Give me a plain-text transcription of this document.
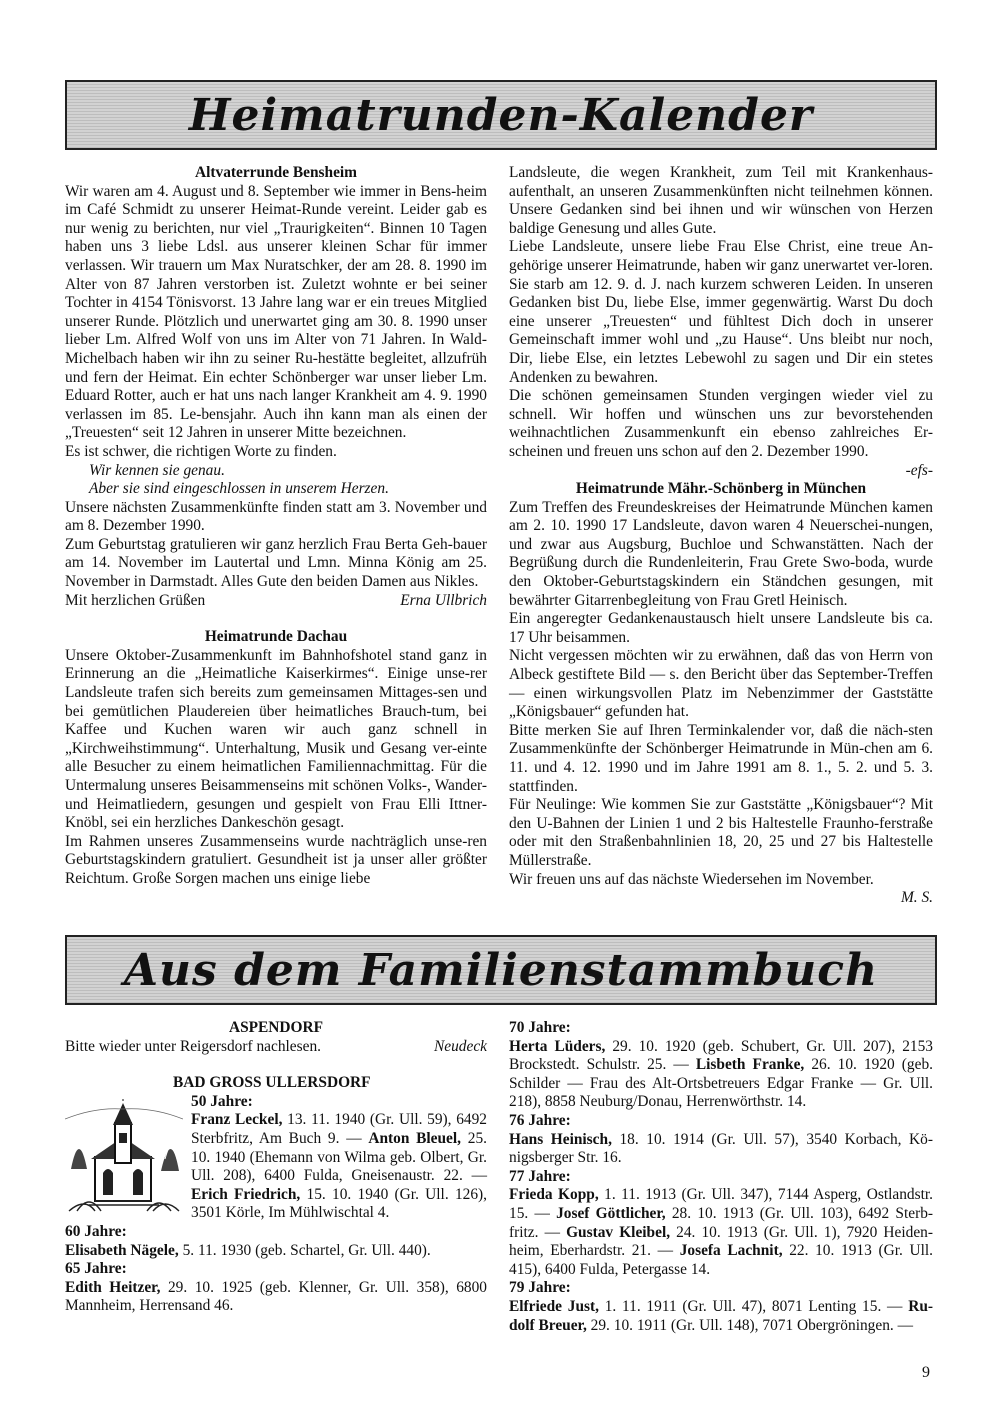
Heimatrunden-Kalender
Altvaterrunde Bensheim

Wir waren am 4. August und 8. September wie immer in Bens-heim im Café Schmidt zu unserer Heimat-Runde vereint. Leider gab es nur wenig zu berichten, nur viel „Traurigkeiten“. Binnen 10 Tagen haben uns 3 liebe Ldsl. aus unserer kleinen Schar für immer verlassen. Wir trauern um Max Nuratschker, der am 28. 8. 1990 im Alter von 87 Jahren verstorben ist. Zuletzt wohnte er bei seiner Tochter in 4154 Tönisvorst. 13 Jahre lang war er ein treues Mitglied unserer Runde. Plötzlich und unerwartet ging am 30. 8. 1990 unser lieber Lm. Alfred Wolf von uns im Alter von 71 Jahren. In Wald-Michelbach haben wir ihn zu seiner Ru-hestätte begleitet, allzufrüh und fern der Heimat. Ein echter Schönberger war unser lieber Lm. Eduard Rotter, auch er hat uns nach langer Krankheit am 4. 9. 1990 verlassen im 85. Le-bensjahr. Auch ihn kann man als einen der „Treuesten“ seit 12 Jahren in unserer Mitte bezeichnen.

Es ist schwer, die richtigen Worte zu finden.

Wir kennen sie genau.

Aber sie sind eingeschlossen in unserem Herzen.

Unsere nächsten Zusammenkünfte finden statt am 3. November und am 8. Dezember 1990.

Zum Geburtstag gratulieren wir ganz herzlich Frau Berta Geh-bauer am 14. November im Lautertal und Lmn. Minna König am 25. November in Darmstadt. Alles Gute den beiden Damen aus Nikles.

Mit herzlichen Grüßen	Erna Ullbrich
Heimatrunde Dachau

Unsere Oktober-Zusammenkunft im Bahnhofshotel stand ganz in Erinnerung an die „Heimatliche Kaiserkirmes“. Einige unse-rer Landsleute trafen sich bereits zum gemeinsamen Mittages-sen und bei gemütlichen Plaudereien über heimatliches Brauch-tum, bei Kaffee und Kuchen waren wir auch ganz schnell in „Kirchweihstimmung“. Unterhaltung, Musik und Gesang ver-einte alle Besucher zu einem heimatlichen Familiennachmittag. Für die Untermalung unseres Beisammenseins mit schönen Volks-, Wander- und Heimatliedern, gesungen und gespielt von Frau Elli Ittner-Knöbl, sei ein herzliches Dankeschön gesagt.

Im Rahmen unseres Zusammenseins wurde nachträglich unse-ren Geburtstagskindern gratuliert. Gesundheit ist ja unser aller größter Reichtum. Große Sorgen machen uns einige liebe

Landsleute, die wegen Krankheit, zum Teil mit Krankenhaus-aufenthalt, an unseren Zusammenkünften nicht teilnehmen können. Unsere Gedanken sind bei ihnen und wir wünschen von Herzen baldige Genesung und alles Gute.

Liebe Landsleute, unsere liebe Frau Else Christ, eine treue An-gehörige unserer Heimatrunde, haben wir ganz unerwartet ver-loren. Sie starb am 12. 9. d. J. nach kurzem schweren Leiden. In unseren Gedanken bist Du, liebe Else, immer gegenwärtig. Warst Du doch eine unserer „Treuesten“ und fühltest Dich doch in unserer Gemeinschaft immer wohl und „zu Hause“. Uns bleibt nur noch, Dir, liebe Else, ein letztes Lebewohl zu sagen und Dir ein stetes Andenken zu bewahren.

Die schönen gemeinsamen Stunden vergingen wieder viel zu schnell. Wir hoffen und wünschen uns zur bevorstehenden weihnachtlichen Zusammenkunft ein ebenso zahlreiches Er-scheinen und freuen uns schon auf den 2. Dezember 1990.

-efs-

Heimatrunde Mähr.-Schönberg in München

Zum Treffen des Freundeskreises der Heimatrunde München kamen am 2. 10. 1990 17 Landsleute, davon waren 4 Neuerschei-nungen, und zwar aus Augsburg, Buchloe und Schwanstätten. Nach der Begrüßung durch die Rundenleiterin, Frau Grete Swo-boda, wurde den Oktober-Geburtstagskindern ein Ständchen gesungen, mit bewährter Gitarrenbegleitung von Frau Gretl Heinisch.

Ein angeregter Gedankenaustausch hielt unsere Landsleute bis ca. 17 Uhr beisammen.

Nicht vergessen möchten wir zu erwähnen, daß das von Herrn von Albeck gestiftete Bild — s. den Bericht über das September-Treffen — einen wirkungsvollen Platz im Nebenzimmer der Gaststätte „Königsbauer“ gefunden hat.

Bitte merken Sie auf Ihren Terminkalender vor, daß die näch-sten Zusammenkünfte der Schönberger Heimatrunde in Mün-chen am 6. 11. und 4. 12. 1990 und im Jahre 1991 am 8. 1., 5. 2. und 5. 3. stattfinden.

Für Neulinge: Wie kommen Sie zur Gaststätte „Königsbauer“? Mit den U-Bahnen der Linien 1 und 2 bis Haltestelle Fraunho-ferstraße oder mit den Straßenbahnlinien 18, 20, 25 und 27 bis Haltestelle Müllerstraße.

Wir freuen uns auf das nächste Wiedersehen im November.

M. S.

Aus dem Familienstammbuch
ASPENDORF
Bitte wieder unter Reigersdorf nachlesen.	Neudeck
BAD GROSS ULLERSDORF

50 Jahre:

Franz Leckel, 13. 11. 1940 (Gr. Ull. 59), 6492 Sterbfritz, Am Buch 9. — Anton Bleuel, 25. 10. 1940 (Ehemann von Wilma geb. Olbert, Gr. Ull. 208), 6400 Fulda, Gneisenaustr. 22. — Erich Friedrich, 15. 10. 1940 (Gr. Ull. 126), 3501 Körle, Im Mühlwischtal 4.

60 Jahre:

Elisabeth Nägele, 5. 11. 1930 (geb. Schartel, Gr. Ull. 440).

65 Jahre:

Edith Heitzer, 29. 10. 1925 (geb. Klenner, Gr. Ull. 358), 6800 Mannheim, Herrensand 46.

70 Jahre:

Herta Lüders, 29. 10. 1920 (geb. Schubert, Gr. Ull. 207), 2153 Brockstedt. Schulstr. 25. — Lisbeth Franke, 26. 10. 1920 (geb. Schilder — Frau des Alt-Ortsbetreuers Edgar Franke — Gr. Ull. 218), 8858 Neuburg/Donau, Herrenwörthstr. 14.

76 Jahre:

Hans Heinisch, 18. 10. 1914 (Gr. Ull. 57), 3540 Korbach, Kö-nigsberger Str. 16.

77 Jahre:

Frieda Kopp, 1. 11. 1913 (Gr. Ull. 347), 7144 Asperg, Ostlandstr. 15. — Josef Göttlicher, 28. 10. 1913 (Gr. Ull. 103), 6492 Sterb-fritz. — Gustav Kleibel, 24. 10. 1913 (Gr. Ull. 1), 7920 Heiden-heim, Eberhardstr. 21. — Josefa Lachnit, 22. 10. 1913 (Gr. Ull. 415), 6400 Fulda, Petergasse 14.

79 Jahre:

Elfriede Just, 1. 11. 1911 (Gr. Ull. 47), 8071 Lenting 15. — Ru-dolf Breuer, 29. 10. 1911 (Gr. Ull. 148), 7071 Obergröningen. —

9
